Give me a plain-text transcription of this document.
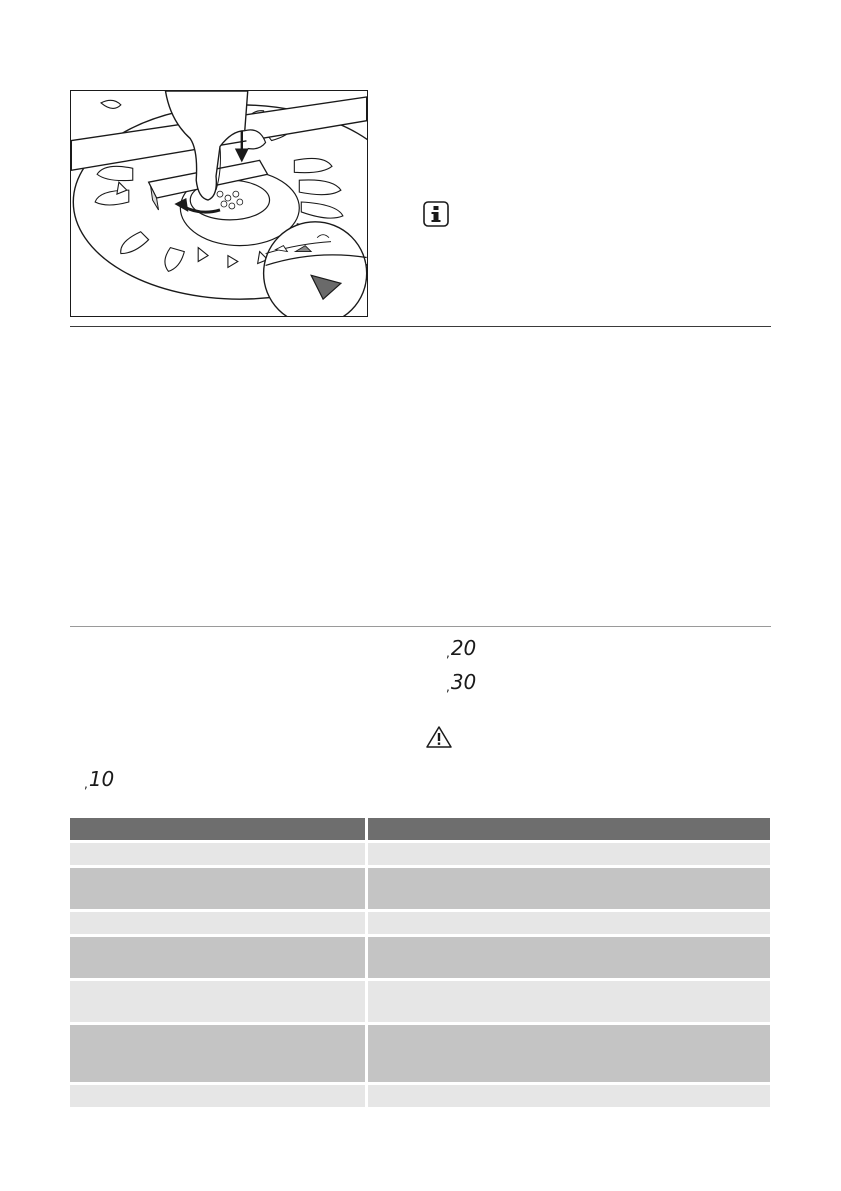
,20
,30
,10
